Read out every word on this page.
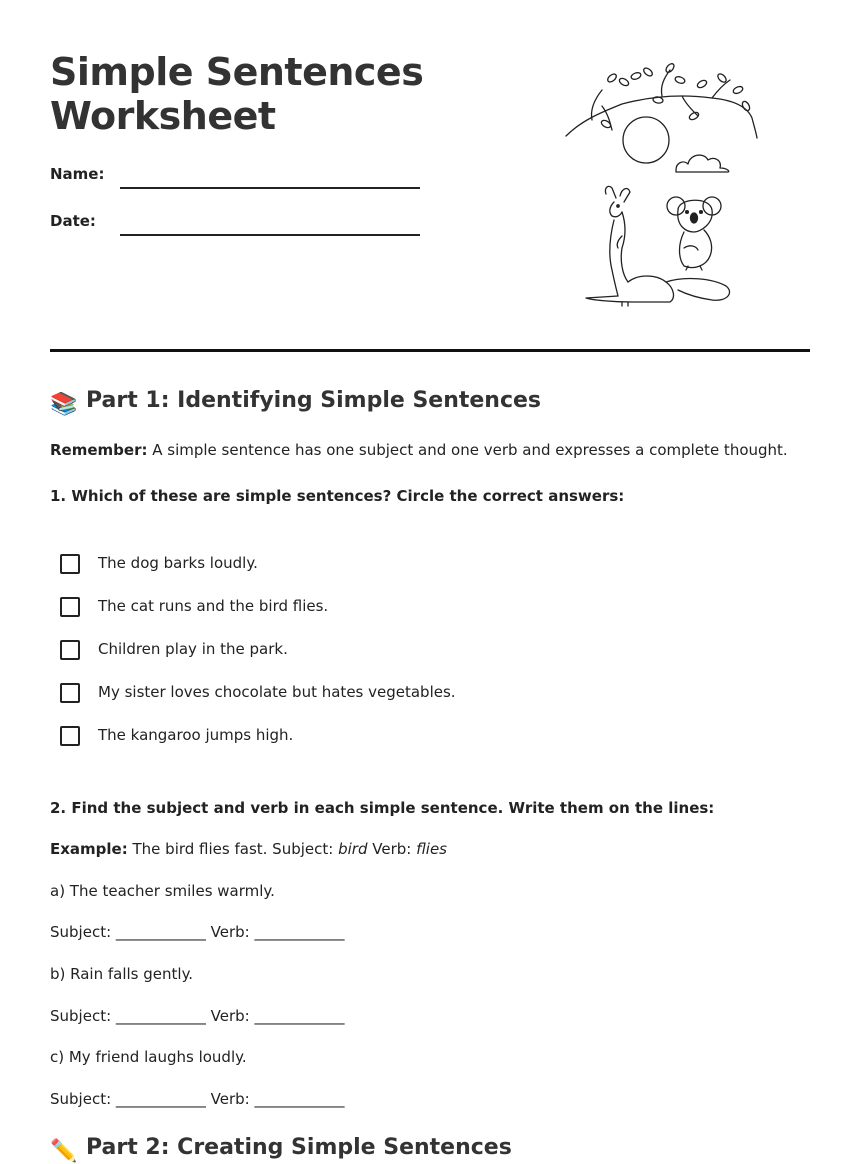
Simple Sentences Worksheet
Name:
Date:
📚 Part 1: Identifying Simple Sentences
Remember: A simple sentence has one subject and one verb and expresses a complete thought.
1. Which of these are simple sentences? Circle the correct answers:
The dog barks loudly.
The cat runs and the bird flies.
Children play in the park.
My sister loves chocolate but hates vegetables.
The kangaroo jumps high.
2. Find the subject and verb in each simple sentence. Write them on the lines:
Example: The bird flies fast. Subject: bird Verb: flies
a) The teacher smiles warmly.
Subject: ____________ Verb: ____________
b) Rain falls gently.
Subject: ____________ Verb: ____________
c) My friend laughs loudly.
Subject: ____________ Verb: ____________
✏️ Part 2: Creating Simple Sentences
